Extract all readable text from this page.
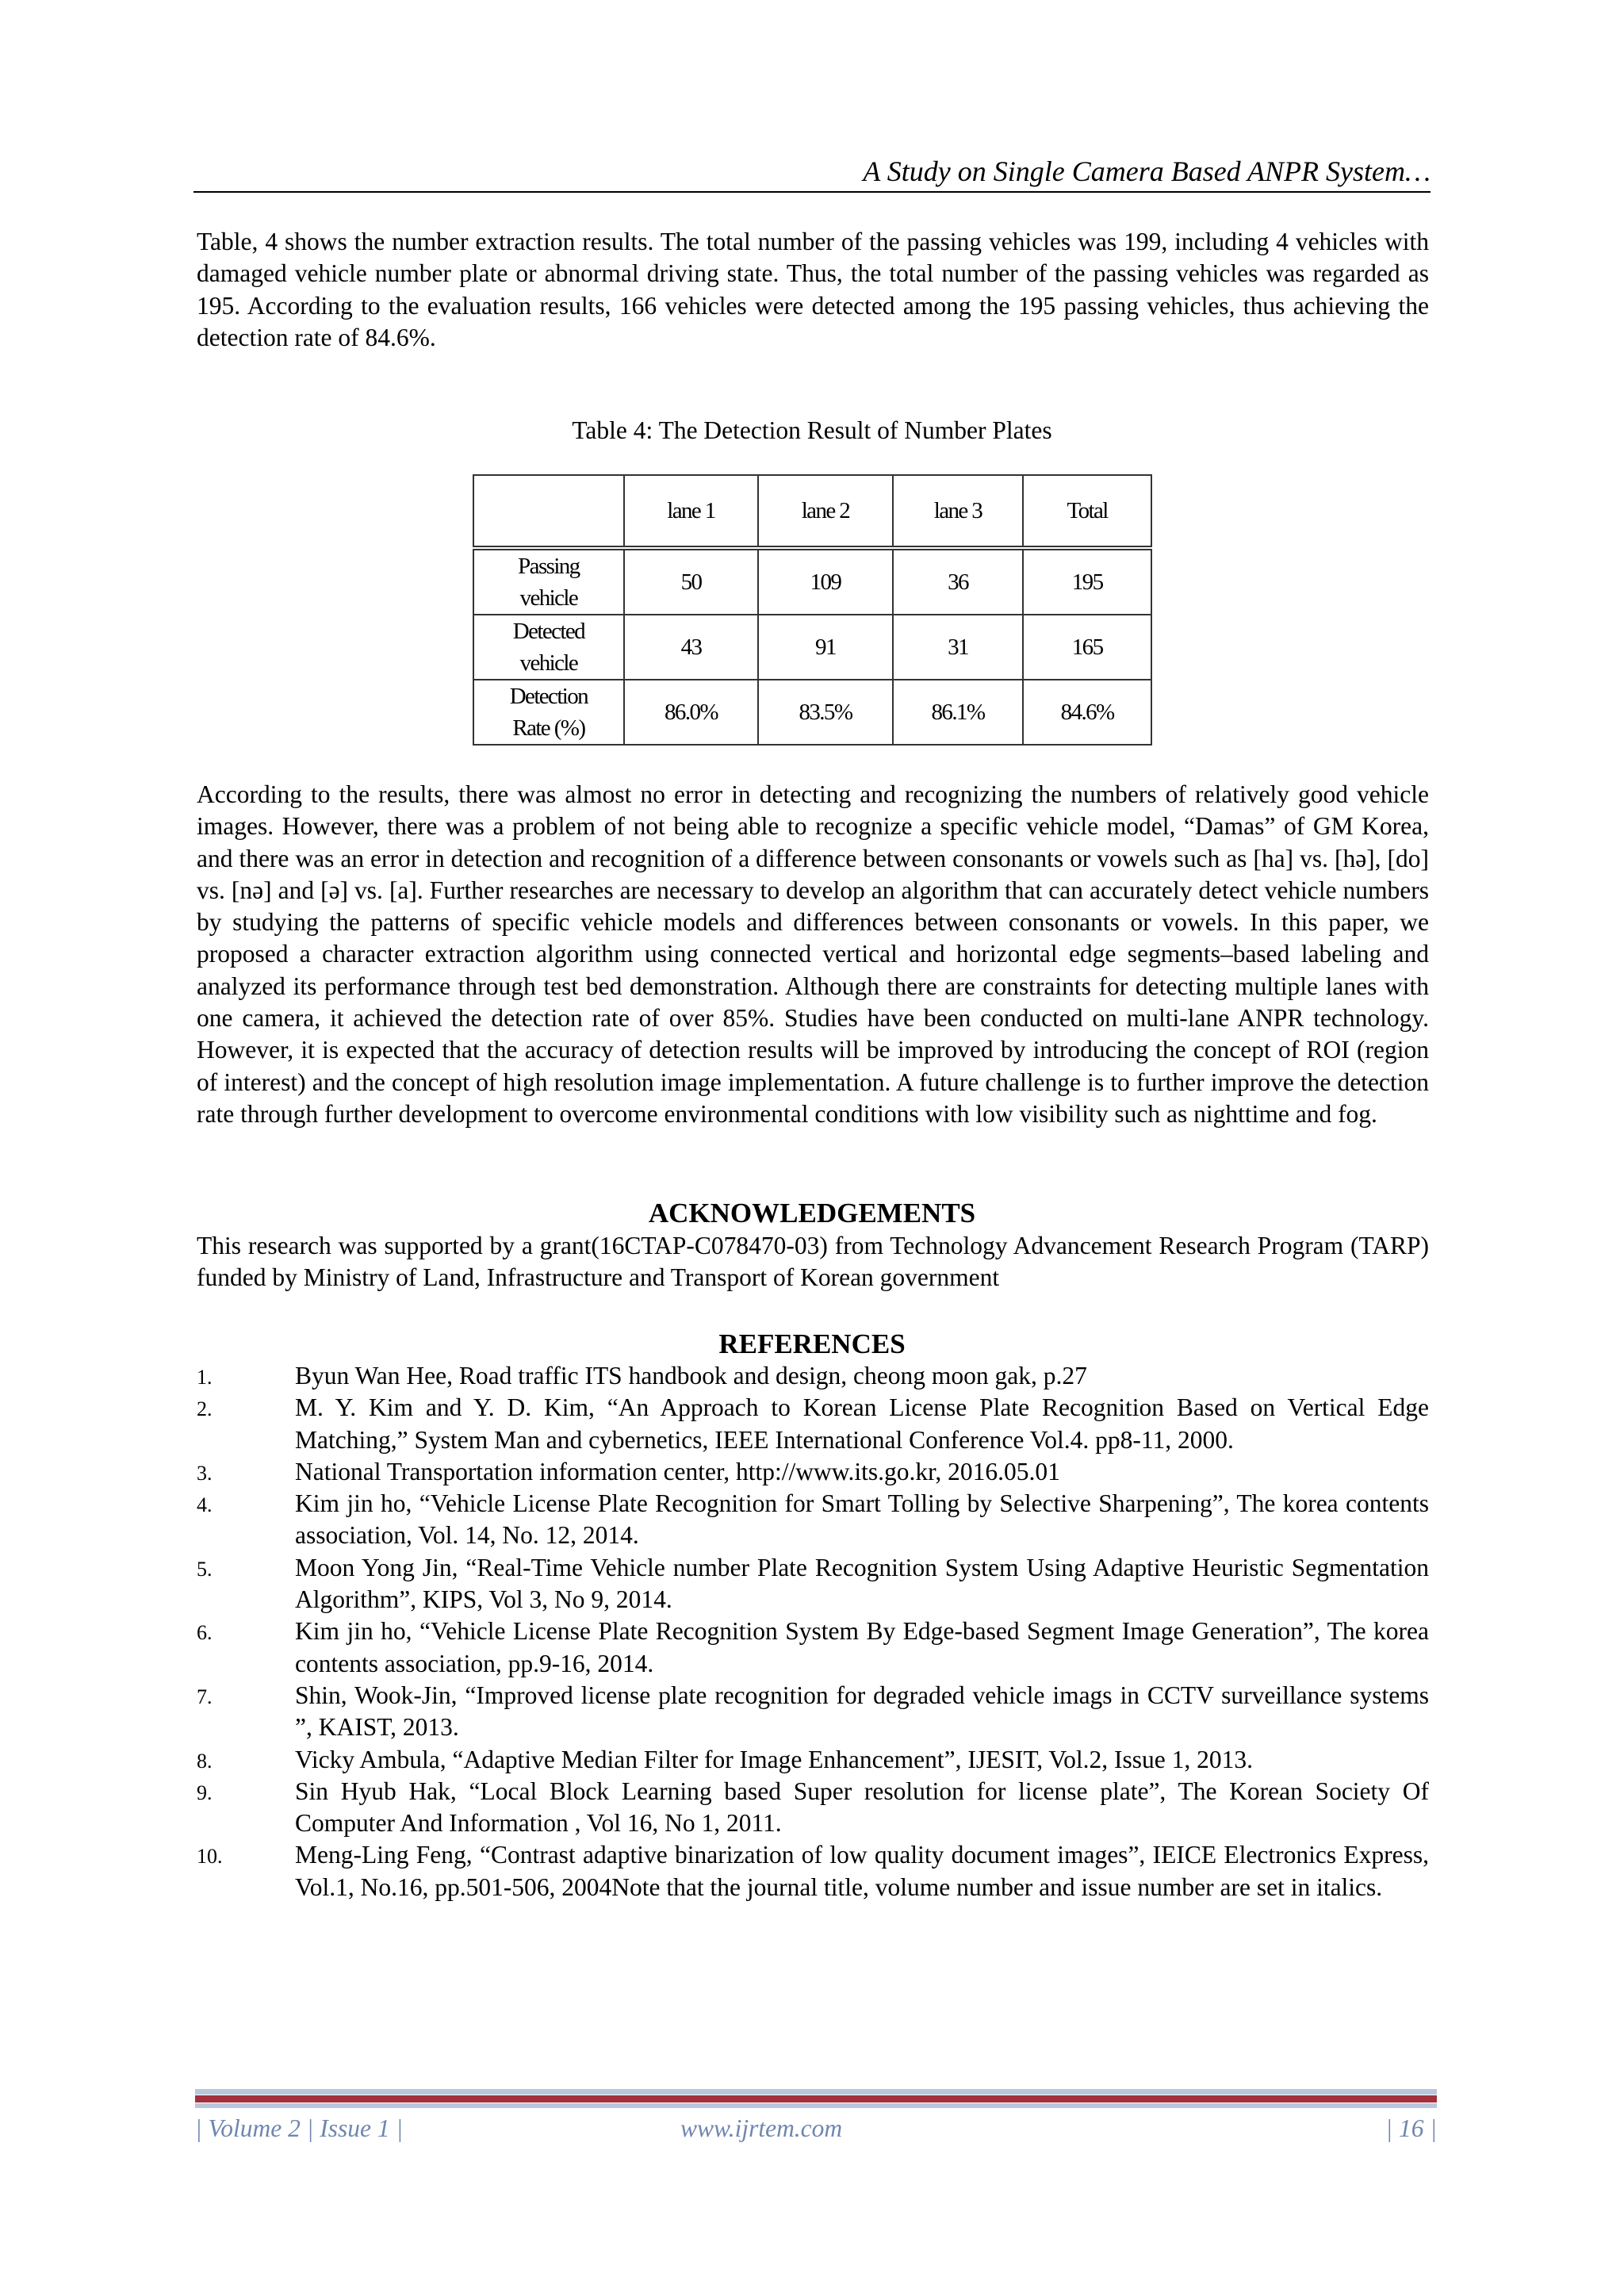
A Study on Single Camera Based ANPR System…

Table, 4 shows the number extraction results. The total number of the passing vehicles was 199, including 4 vehicles with damaged vehicle number plate or abnormal driving state. Thus, the total number of the passing vehicles was regarded as 195. According to the evaluation results, 166 vehicles were detected among the 195 passing vehicles, thus achieving the detection rate of 84.6%.

Table 4: The Detection Result of Number Plates
	lane 1	lane 2	lane 3	Total
Passing
vehicle	50	109	36	195
Detected
vehicle	43	91	31	165
Detection
Rate (%)	86.0%	83.5%	86.1%	84.6%

According to the results, there was almost no error in detecting and recognizing the numbers of relatively good vehicle images. However, there was a problem of not being able to recognize a specific vehicle model, “Damas” of GM Korea, and there was an error in detection and recognition of a difference between consonants or vowels such as [ha] vs. [hə], [do] vs. [nə] and [ə] vs. [a]. Further researches are necessary to develop an algorithm that can accurately detect vehicle numbers by studying the patterns of specific vehicle models and differences between consonants or vowels. In this paper, we proposed a character extraction algorithm using connected vertical and horizontal edge segments–based labeling and analyzed its performance through test bed demonstration. Although there are constraints for detecting multiple lanes with one camera, it achieved the detection rate of over 85%. Studies have been conducted on multi-lane ANPR technology. However, it is expected that the accuracy of detection results will be improved by introducing the concept of ROI (region of interest) and the concept of high resolution image implementation. A future challenge is to further improve the detection rate through further development to overcome environmental conditions with low visibility such as nighttime and fog.

ACKNOWLEDGEMENTS

This research was supported by a grant(16CTAP-C078470-03) from Technology Advancement Research Program (TARP) funded by Ministry of Land, Infrastructure and Transport of Korean government

REFERENCES
1.	Byun Wan Hee, Road traffic ITS handbook and design, cheong moon gak, p.27
2.	M. Y. Kim and Y. D. Kim, “An Approach to Korean License Plate Recognition Based on Vertical Edge Matching,” System Man and cybernetics, IEEE International Conference Vol.4. pp8-11, 2000.
3.	National Transportation information center, http://www.its.go.kr, 2016.05.01
4.	Kim jin ho, “Vehicle License Plate Recognition for Smart Tolling by Selective Sharpening”, The korea contents association, Vol. 14, No. 12, 2014.
5.	Moon Yong Jin, “Real-Time Vehicle number Plate Recognition System Using Adaptive Heuristic Segmentation Algorithm”, KIPS, Vol 3, No 9, 2014.
6.	Kim jin ho, “Vehicle License Plate Recognition System By Edge-based Segment Image Generation”, The korea contents association, pp.9-16, 2014.
7.	Shin, Wook-Jin, “Improved license plate recognition for degraded vehicle imags in CCTV surveillance systems ”, KAIST, 2013.
8.	Vicky Ambula, “Adaptive Median Filter for Image Enhancement”, IJESIT, Vol.2, Issue 1, 2013.
9.	Sin Hyub Hak, “Local Block Learning based Super resolution for license plate”, The Korean Society Of Computer And Information , Vol 16, No 1, 2011.
10.	Meng-Ling Feng, “Contrast adaptive binarization of low quality document images”, IEICE Electronics Express, Vol.1, No.16, pp.501-506, 2004Note that the journal title, volume number and issue number are set in italics.
| Volume 2 | Issue 1 |	www.ijrtem.com	| 16 |
